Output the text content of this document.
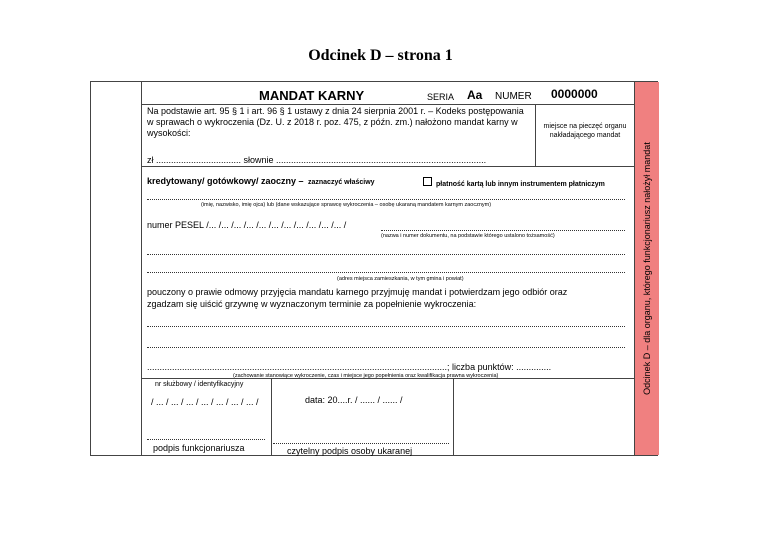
Odcinek D – strona 1
MANDAT KARNY	SERIA Aa NUMER 0000000
Na podstawie art. 95 § 1 i art. 96 § 1 ustawy z dnia 24 sierpnia 2001 r. – Kodeks postępowania w sprawach o wykroczenia (Dz. U. z 2018 r. poz. 475, z późn. zm.) nałożono mandat karny w wysokości:
zł .................................. słownie ....................................................................................
miejsce na pieczęć organu nakładającego mandat
kredytowany/ gotówkowy/ zaoczny – zaznaczyć właściwy	płatność kartą lub innym instrumentem płatniczym
(imię, nazwisko, imię ojca) lub (dane wskazujące sprawcę wykroczenia – osobę ukaraną mandatem karnym zaocznym)
numer PESEL /... /... /... /... /... /... /... /... /... /... /... /
(nazwa i numer dokumentu, na podstawie którego ustalono tożsamość)
(adres miejsca zamieszkania, w tym gmina i powiat)
pouczony o prawie odmowy przyjęcia mandatu karnego przyjmuję mandat i potwierdzam jego odbiór oraz zgadzam się uiścić grzywnę w wyznaczonym terminie za popełnienie wykroczenia:
........................................................................................................................; liczba punktów: ..............
(zachowanie stanowiące wykroczenie, czas i miejsce jego popełnienia oraz kwalifikacja prawna wykroczenia)
nr służbowy / identyfikacyjny
/ ... / ... / ... / ... / ... / ... / ... /
podpis funkcjonariusza
data: 20....r. / ...... / ...... /
czytelny podpis osoby ukaranej
Odcinek D – dla organu, którego funkcjonariusz nałożył mandat
